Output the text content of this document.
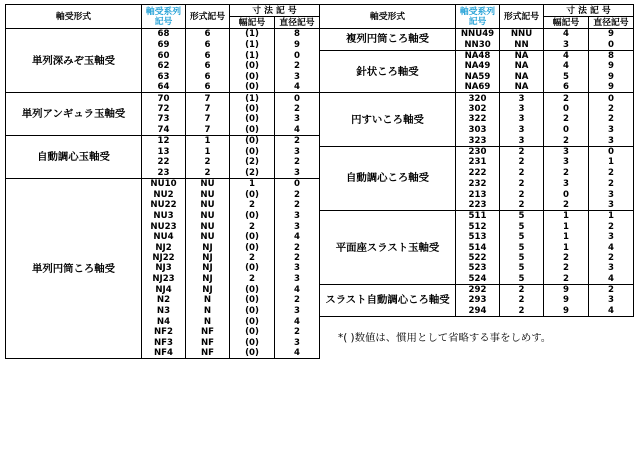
軸受形式	軸受系列
記号	形式記号	寸 法 記 号		軸受形式	軸受系列
記号	形式記号	寸 法 記 号	
			幅記号	直径記号				幅記号	直径記号
単列深みぞ玉軸受	68	6	(1)	8	複列円筒ころ軸受	NNU49	NNU	4	9
	69	6	(1)	9		NN30	NN	3	0
	60	6	(1)	0	針状ころ軸受	NA48	NA	4	8
	62	6	(0)	2		NA49	NA	4	9
	63	6	(0)	3		NA59	NA	5	9
	64	6	(0)	4		NA69	NA	6	9
単列アンギュラ玉軸受	70	7	(1)	0	円すいころ軸受	320	3	2	0
	72	7	(0)	2		302	3	0	2
	73	7	(0)	3		322	3	2	2
	74	7	(0)	4		303	3	0	3
自動調心玉軸受	12	1	(0)	2		323	3	2	3
	13	1	(0)	3	自動調心ころ軸受	230	2	3	0
	22	2	(2)	2		231	2	3	1
	23	2	(2)	3		222	2	2	2
単列円筒ころ軸受	NU10	NU	1	0		232	2	3	2
	NU2	NU	(0)	2		213	2	0	3
	NU22	NU	2	2		223	2	2	3
	NU3	NU	(0)	3	平面座スラスト玉軸受	511	5	1	1
	NU23	NU	2	3		512	5	1	2
	NU4	NU	(0)	4		513	5	1	3
	NJ2	NJ	(0)	2		514	5	1	4
	NJ22	NJ	2	2		522	5	2	2
	NJ3	NJ	(0)	3		523	5	2	3
	NJ23	NJ	2	3		524	5	2	4
	NJ4	NJ	(0)	4	スラスト自動調心ころ軸受	292	2	9	2
	N2	N	(0)	2		293	2	9	3
	N3	N	(0)	3		294	2	9	4
	N4	N	(0)	4	*( )数値は、慣用として省略する事をしめす。				
	NF2	NF	(0)	2					
	NF3	NF	(0)	3					
	NF4	NF	(0)	4					
